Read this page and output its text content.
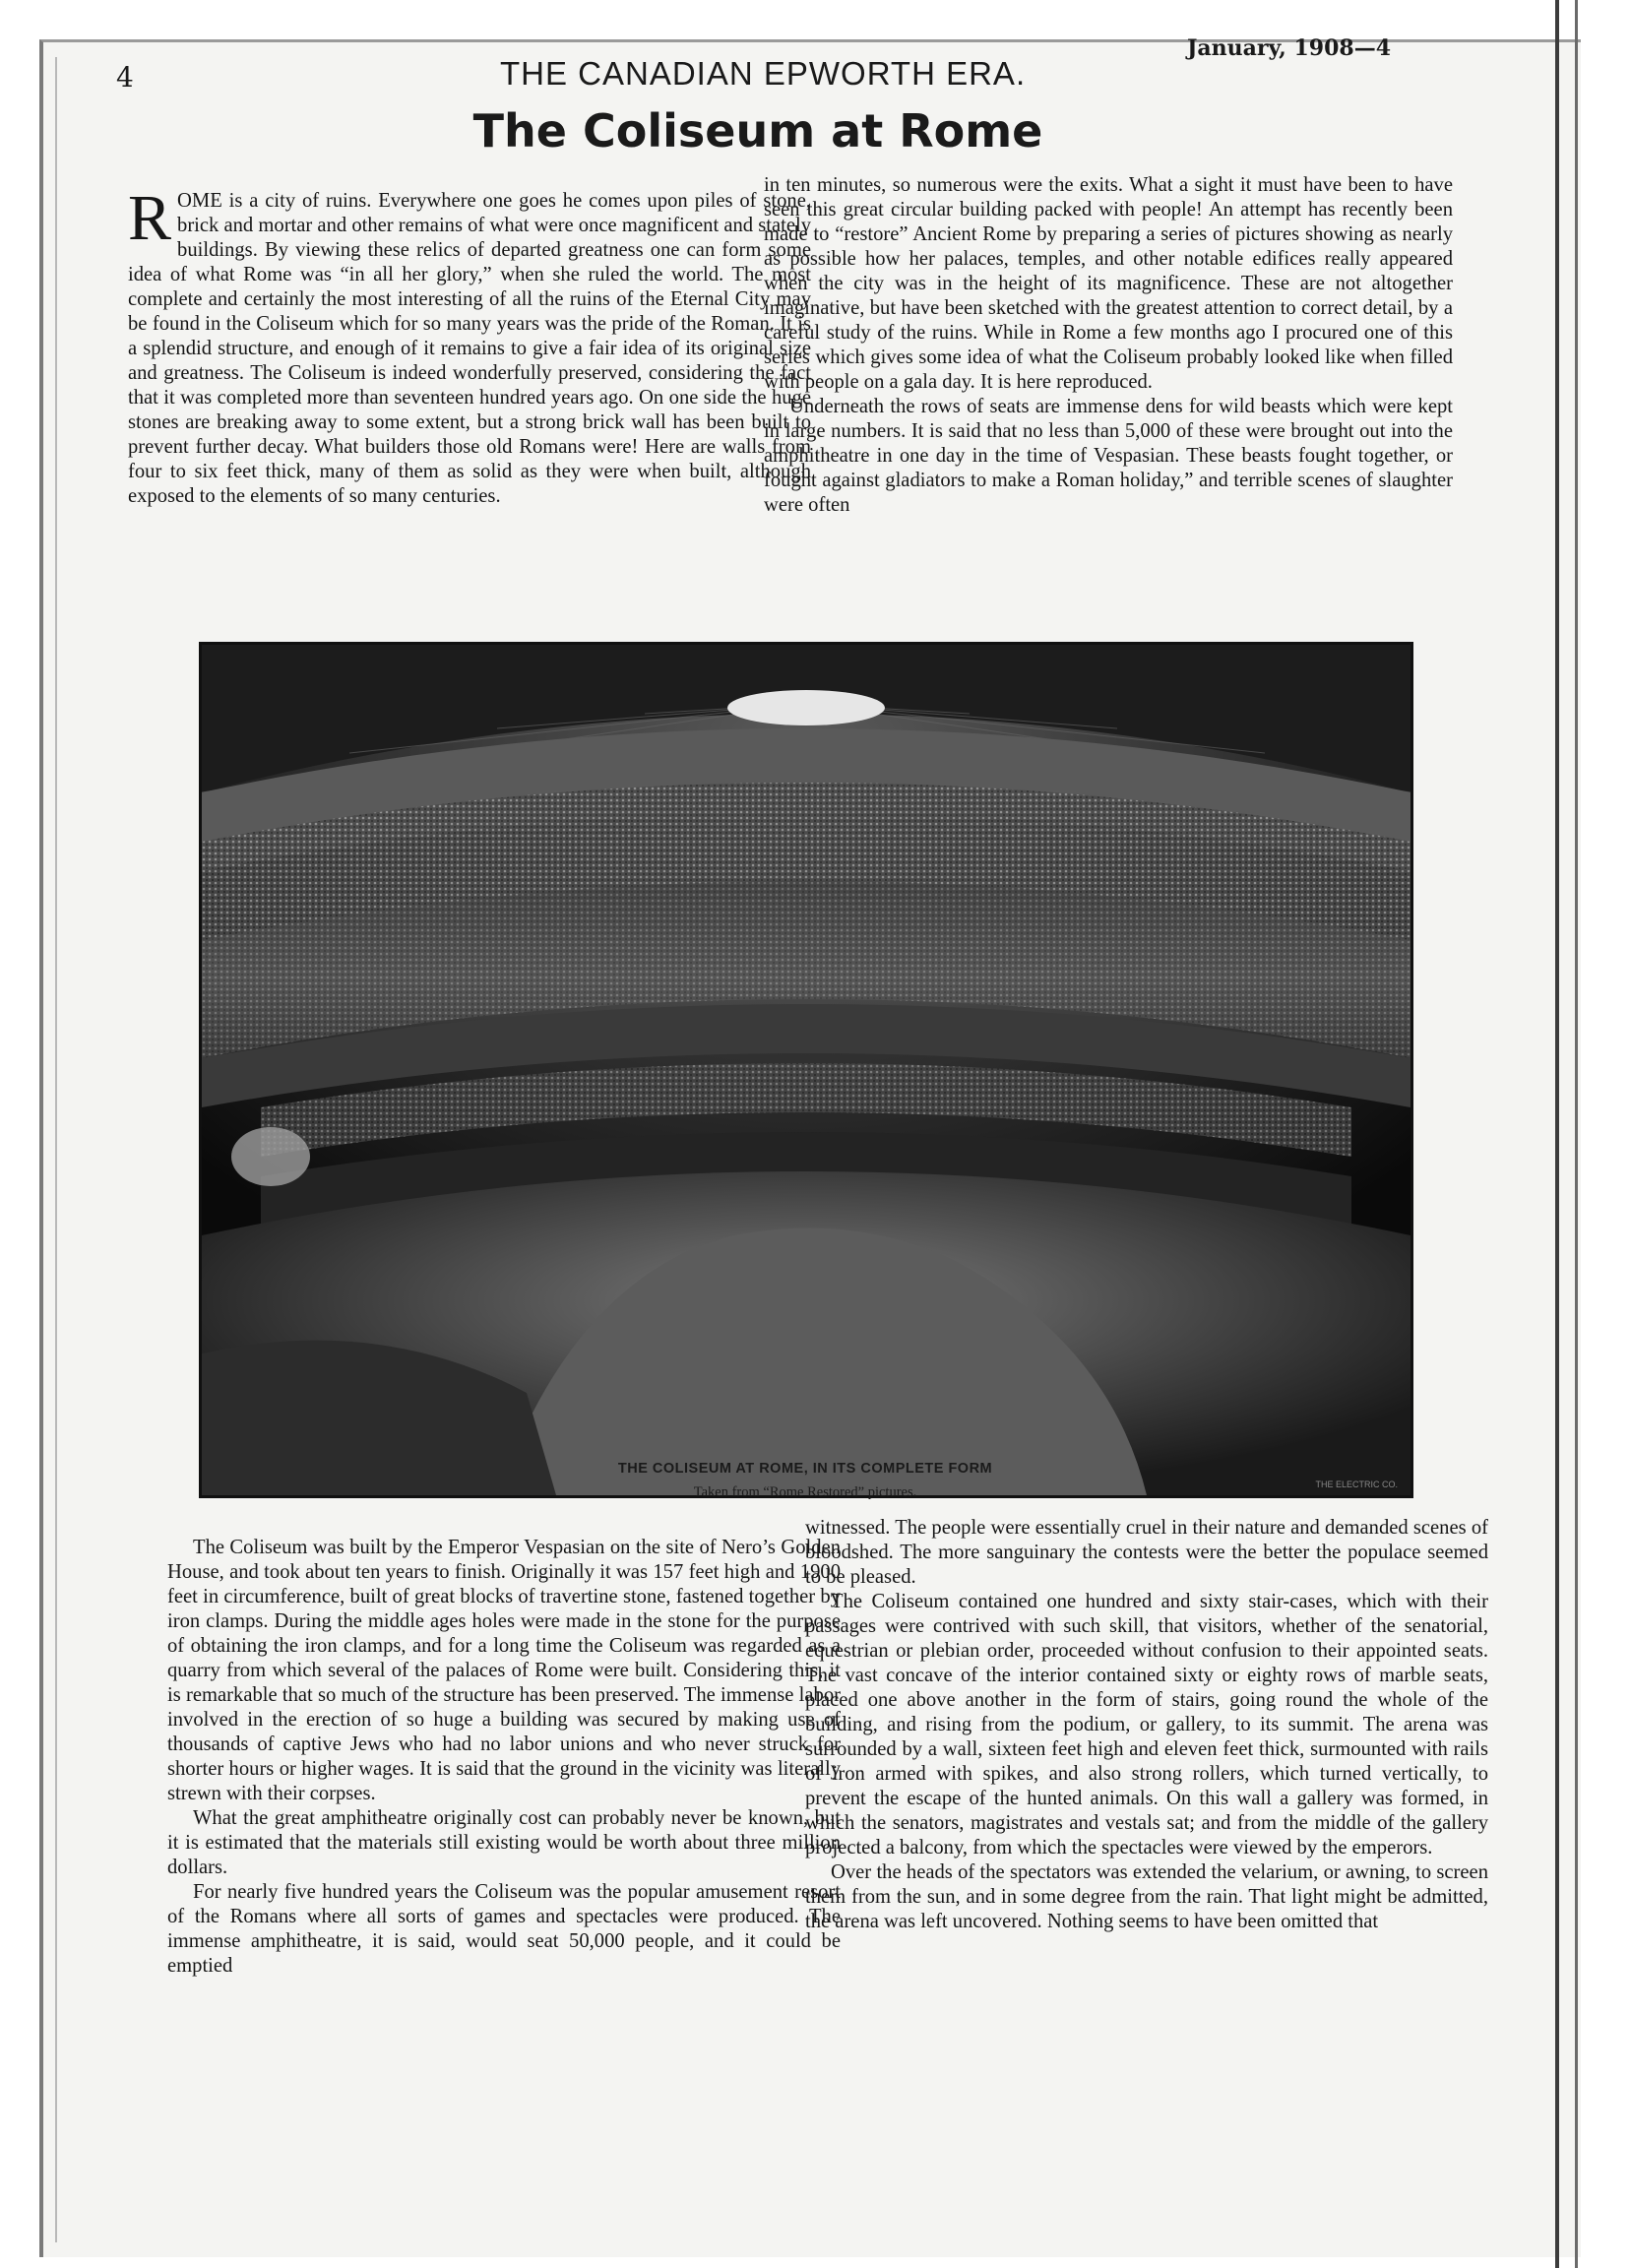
4	THE CANADIAN EPWORTH ERA.
January, 1908—4
The Coliseum at Rome

ROME is a city of ruins. Everywhere one goes he comes upon piles of stone, brick and mortar and other remains of what were once magnificent and stately buildings. By viewing these relics of departed greatness one can form some idea of what Rome was “in all her glory,” when she ruled the world. The most complete and certainly the most interesting of all the ruins of the Eternal City may be found in the Coliseum which for so many years was the pride of the Roman. It is a splendid structure, and enough of it remains to give a fair idea of its original size and greatness. The Coliseum is indeed wonderfully preserved, considering the fact that it was completed more than seventeen hundred years ago. On one side the huge stones are breaking away to some extent, but a strong brick wall has been built to prevent further decay. What builders those old Romans were! Here are walls from four to six feet thick, many of them as solid as they were when built, although exposed to the elements of so many centuries.

in ten minutes, so numerous were the exits. What a sight it must have been to have seen this great circular building packed with people! An attempt has recently been made to “restore” Ancient Rome by preparing a series of pictures showing as nearly as possible how her palaces, temples, and other notable edifices really appeared when the city was in the height of its magnificence. These are not altogether imaginative, but have been sketched with the greatest attention to correct detail, by a careful study of the ruins. While in Rome a few months ago I procured one of this series which gives some idea of what the Coliseum probably looked like when filled with people on a gala day. It is here reproduced.

Underneath the rows of seats are immense dens for wild beasts which were kept in large numbers. It is said that no less than 5,000 of these were brought out into the amphitheatre in one day in the time of Vespasian. These beasts fought together, or fought against gladiators to make a Roman holiday,” and terrible scenes of slaughter were often

THE ELECTRIC CO.
THE COLISEUM AT ROME, IN ITS COMPLETE FORM
Taken from “Rome Restored” pictures.

The Coliseum was built by the Emperor Vespasian on the site of Nero’s Golden House, and took about ten years to finish. Originally it was 157 feet high and 1900 feet in circumference, built of great blocks of travertine stone, fastened together by iron clamps. During the middle ages holes were made in the stone for the purpose of obtaining the iron clamps, and for a long time the Coliseum was regarded as a quarry from which several of the palaces of Rome were built. Considering this, it is remarkable that so much of the structure has been preserved. The immense labor involved in the erection of so huge a building was secured by making use of thousands of captive Jews who had no labor unions and who never struck for shorter hours or higher wages. It is said that the ground in the vicinity was literally strewn with their corpses.

What the great amphitheatre originally cost can probably never be known, but it is estimated that the materials still existing would be worth about three million dollars.

For nearly five hundred years the Coliseum was the popular amusement resort of the Romans where all sorts of games and spectacles were produced. The immense amphitheatre, it is said, would seat 50,000 people, and it could be emptied

witnessed. The people were essentially cruel in their nature and demanded scenes of bloodshed. The more sanguinary the contests were the better the populace seemed to be pleased.

The Coliseum contained one hundred and sixty stair-cases, which with their passages were contrived with such skill, that visitors, whether of the senatorial, equestrian or plebian order, proceeded without confusion to their appointed seats. The vast concave of the interior contained sixty or eighty rows of marble seats, placed one above another in the form of stairs, going round the whole of the building, and rising from the podium, or gallery, to its summit. The arena was surrounded by a wall, sixteen feet high and eleven feet thick, surmounted with rails of iron armed with spikes, and also strong rollers, which turned vertically, to prevent the escape of the hunted animals. On this wall a gallery was formed, in which the senators, magistrates and vestals sat; and from the middle of the gallery projected a balcony, from which the spectacles were viewed by the emperors.

Over the heads of the spectators was extended the velarium, or awning, to screen them from the sun, and in some degree from the rain. That light might be admitted, the arena was left uncovered. Nothing seems to have been omitted that
